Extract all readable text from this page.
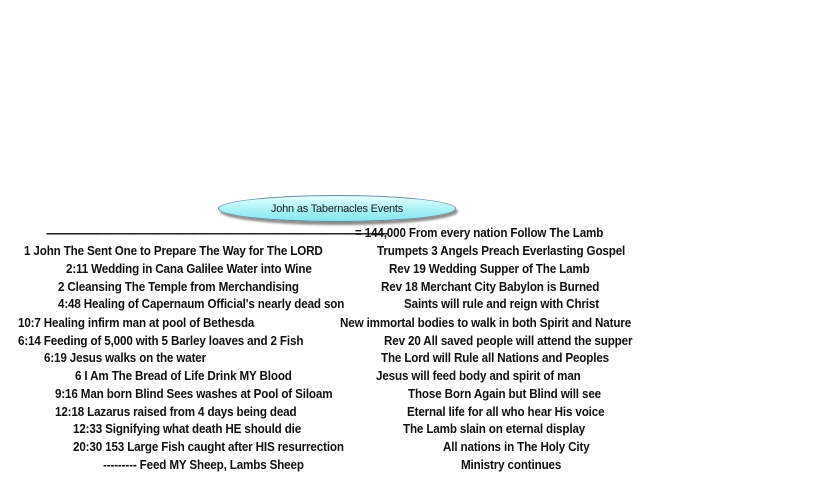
John as Tabernacles Events
------------------------------------------------------------------------------------------------------------------
= 144,000 From every nation Follow The Lamb
1 John The Sent One to Prepare The Way for The LORD	Trumpets 3 Angels Preach Everlasting Gospel
2:11 Wedding in Cana Galilee Water into Wine	Rev 19 Wedding Supper of The Lamb
2 Cleansing The Temple from Merchandising	Rev 18 Merchant City Babylon is Burned
4:48 Healing of Capernaum Official's nearly dead son	Saints will rule and reign with Christ
10:7 Healing infirm man at pool of Bethesda	New immortal bodies to walk in both Spirit and Nature
6:14 Feeding of 5,000 with 5 Barley loaves and 2 Fish	Rev 20 All saved people will attend the supper
6:19 Jesus walks on the water	The Lord will Rule all Nations and Peoples
6 I Am The Bread of Life Drink MY Blood	Jesus will feed body and spirit of man
9:16 Man born Blind Sees washes at Pool of Siloam	Those Born Again but Blind will see
12:18 Lazarus raised from 4 days being dead	Eternal life for all who hear His voice
12:33 Signifying what death HE should die	The Lamb slain on eternal display
20:30 153 Large Fish caught after HIS resurrection	All nations in The Holy City
--------- Feed MY Sheep, Lambs Sheep	Ministry continues
